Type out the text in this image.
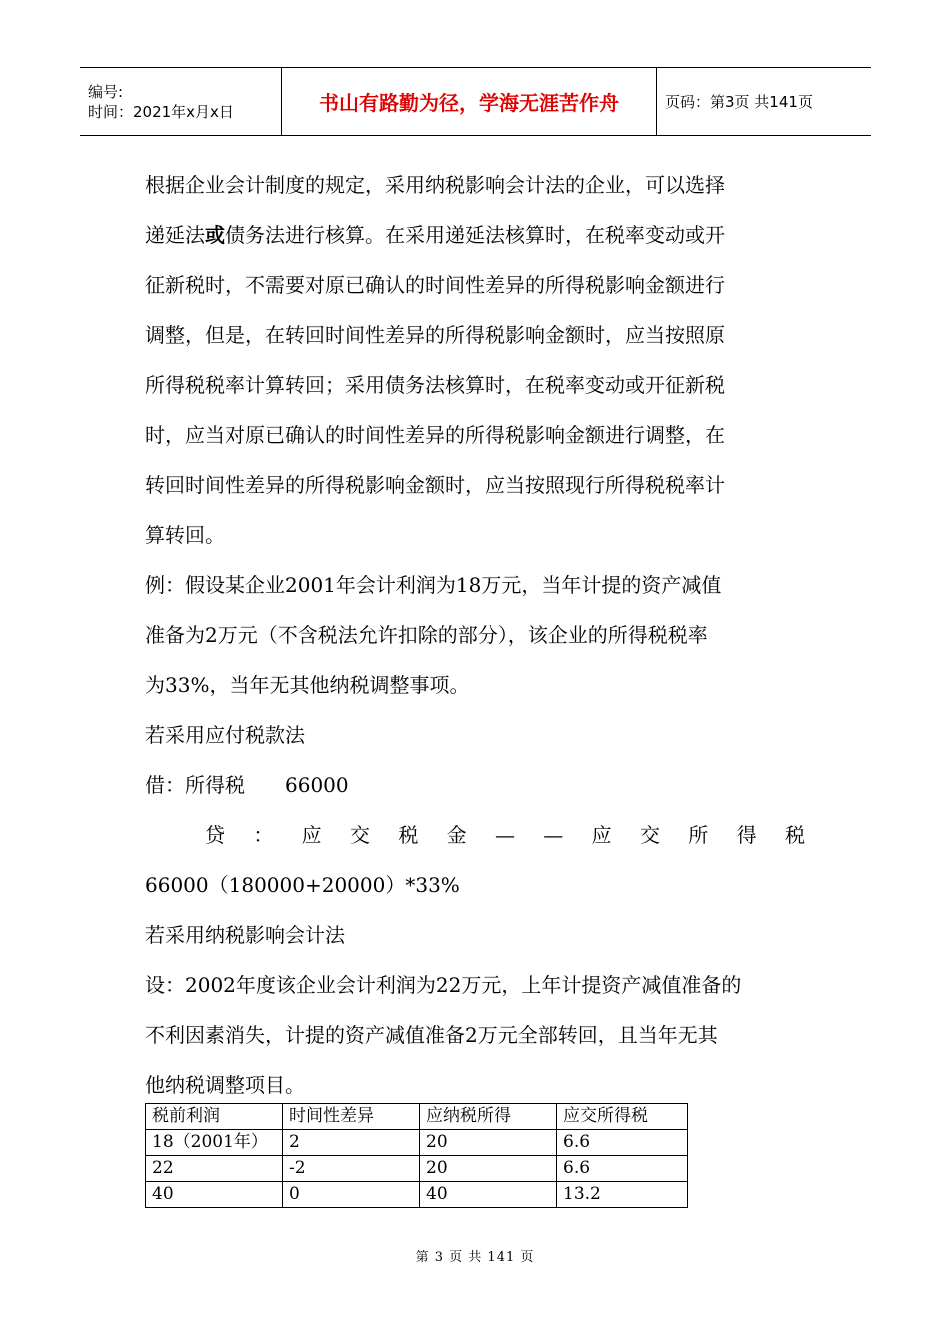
编号:
时间：2021年x月x日	书山有路勤为径，学海无涯苦作舟	页码：第3页 共141页

根据企业会计制度的规定，采用纳税影响会计法的企业，可以选择

递延法或债务法进行核算。在采用递延法核算时，在税率变动或开

征新税时，不需要对原已确认的时间性差异的所得税影响金额进行

调整，但是，在转回时间性差异的所得税影响金额时，应当按照原

所得税税率计算转回；采用债务法核算时，在税率变动或开征新税

时，应当对原已确认的时间性差异的所得税影响金额进行调整，在

转回时间性差异的所得税影响金额时，应当按照现行所得税税率计

算转回。

例：假设某企业2001年会计利润为18万元，当年计提的资产减值

准备为2万元（不含税法允许扣除的部分），该企业的所得税税率

为33%，当年无其他纳税调整事项。

若采用应付税款法

借：所得税　　66000

贷 ： 应 交 税 金 — — 应 交 所 得 税

66000（180000+20000）*33%

若采用纳税影响会计法

设：2002年度该企业会计利润为22万元，上年计提资产减值准备的

不利因素消失，计提的资产减值准备2万元全部转回，且当年无其

他纳税调整项目。

税前利润	时间性差异	应纳税所得	应交所得税
18（2001年）	2	20	6.6
22	-2	20	6.6
40	0	40	13.2
第 3 页 共 141 页
